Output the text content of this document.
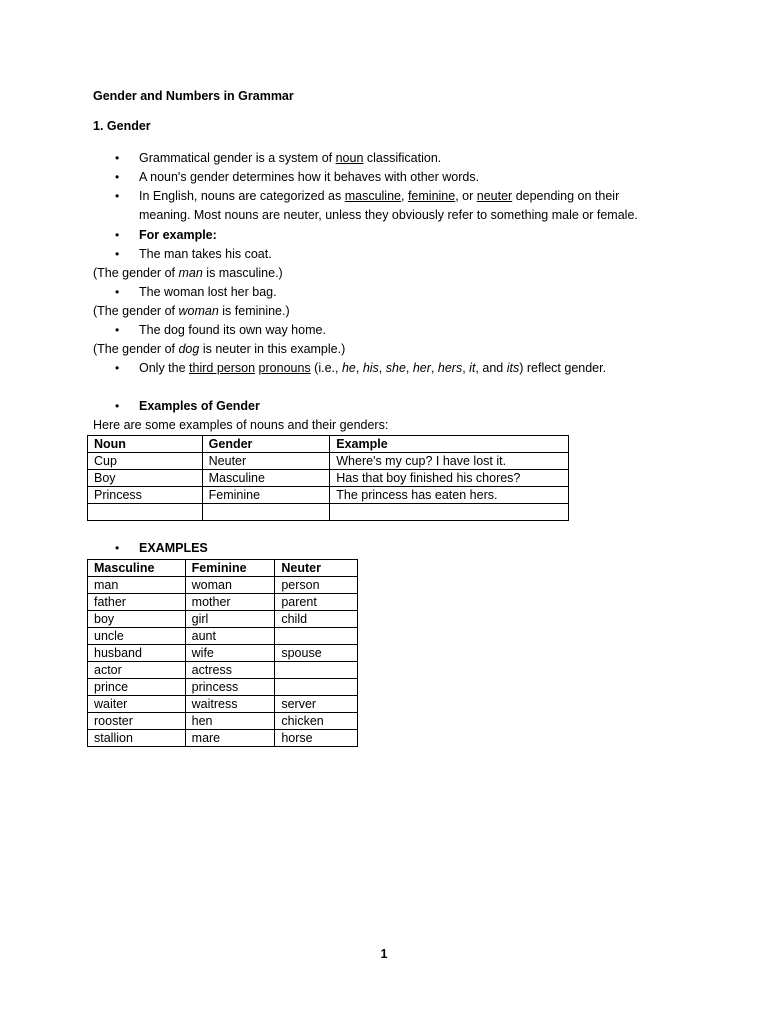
Gender and Numbers in Grammar
1. Gender
• Grammatical gender is a system of noun classification.
• A noun's gender determines how it behaves with other words.
• In English, nouns are categorized as masculine, feminine, or neuter depending on their
meaning. Most nouns are neuter, unless they obviously refer to something male or female.
• For example:
• The man takes his coat.
(The gender of man is masculine.)
• The woman lost her bag.
(The gender of woman is feminine.)
• The dog found its own way home.
(The gender of dog is neuter in this example.)
• Only the third person pronouns (i.e., he, his, she, her, hers, it, and its) reflect gender.
• Examples of Gender
Here are some examples of nouns and their genders:
Noun	Gender	Example
Cup	Neuter	Where's my cup? I have lost it.
Boy	Masculine	Has that boy finished his chores?
Princess	Feminine	The princess has eaten hers.

• EXAMPLES
Masculine	Feminine	Neuter
man	woman	person
father	mother	parent
boy	girl	child
uncle	aunt	
husband	wife	spouse
actor	actress	
prince	princess	
waiter	waitress	server
rooster	hen	chicken
stallion	mare	horse
1
